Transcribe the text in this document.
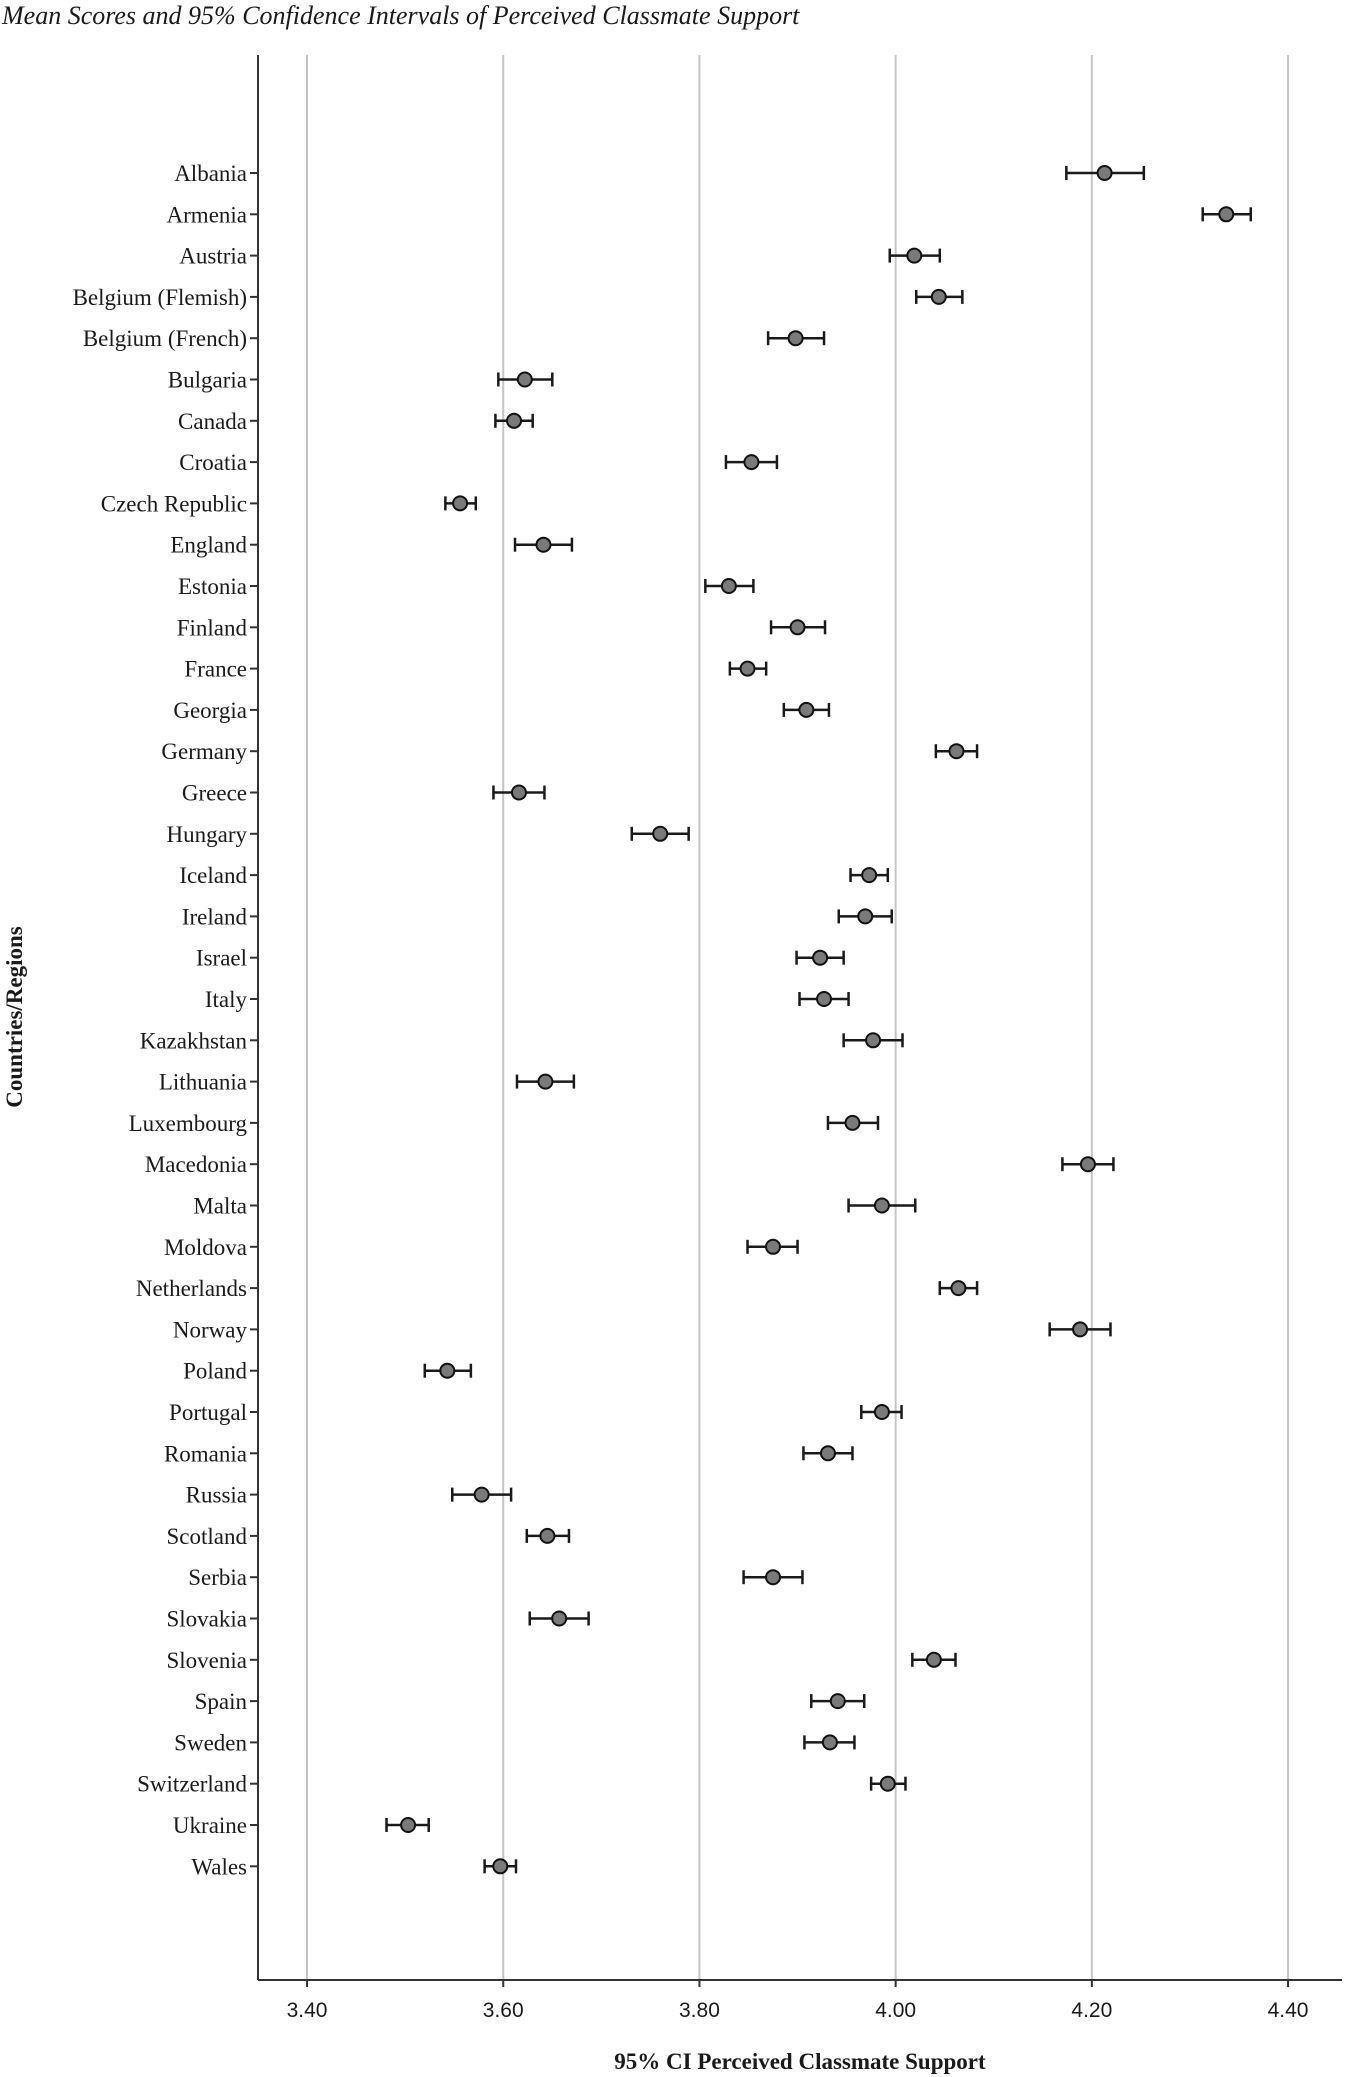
Mean Scores and 95% Confidence Intervals of Perceived Classmate Support
3.40	3.60	3.80	4.00	4.20	4.40
Albania
Armenia
Austria
Belgium (Flemish)
Belgium (French)
Bulgaria
Canada
Croatia
Czech Republic
England
Estonia
Finland
France
Georgia
Germany
Greece
Hungary
Iceland
Ireland
Israel
Italy
Kazakhstan
Lithuania
Luxembourg
Macedonia
Malta
Moldova
Netherlands
Norway
Poland
Portugal
Romania
Russia
Scotland
Serbia
Slovakia
Slovenia
Spain
Sweden
Switzerland
Ukraine
Wales
95% CI Perceived Classmate Support
Countries/Regions
